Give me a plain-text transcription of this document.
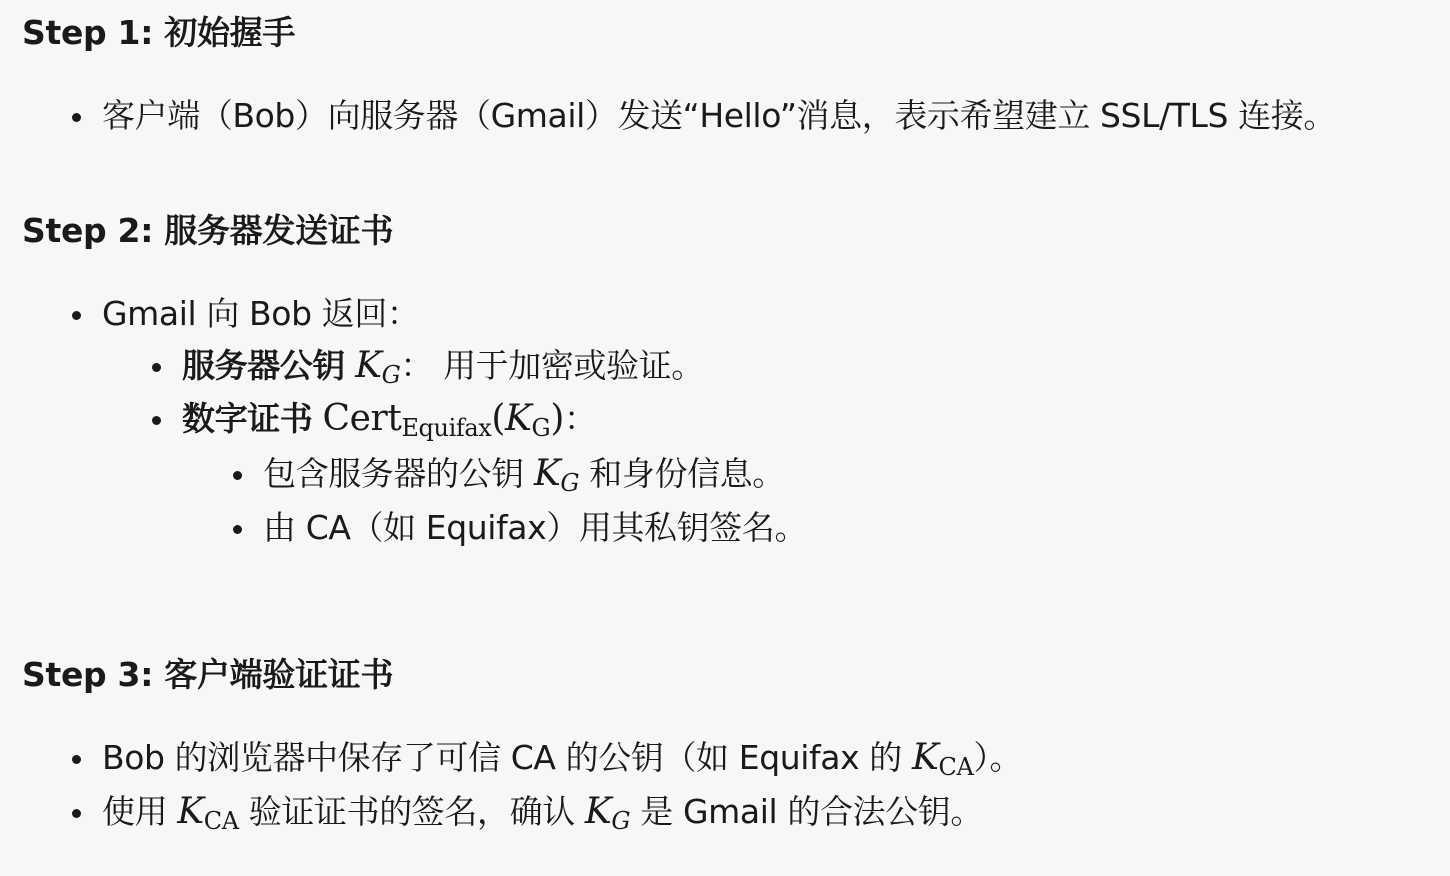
Step 1: 初始握手
客户端（Bob）向服务器（Gmail）发送“Hello”消息，表示希望建立 SSL/TLS 连接。
Step 2: 服务器发送证书
Gmail 向 Bob 返回：
服务器公钥 $K_G$： 用于加密或验证。
数字证书 $Cert_{Equifax}(K_G)$：
包含服务器的公钥 $K_G$ 和身份信息。
由 CA（如 Equifax）用其私钥签名。
Step 3: 客户端验证证书
Bob 的浏览器中保存了可信 CA 的公钥（如 Equifax 的 $K_{CA}$）。
使用 $K_{CA}$ 验证证书的签名，确认 $K_G$ 是 Gmail 的合法公钥。
